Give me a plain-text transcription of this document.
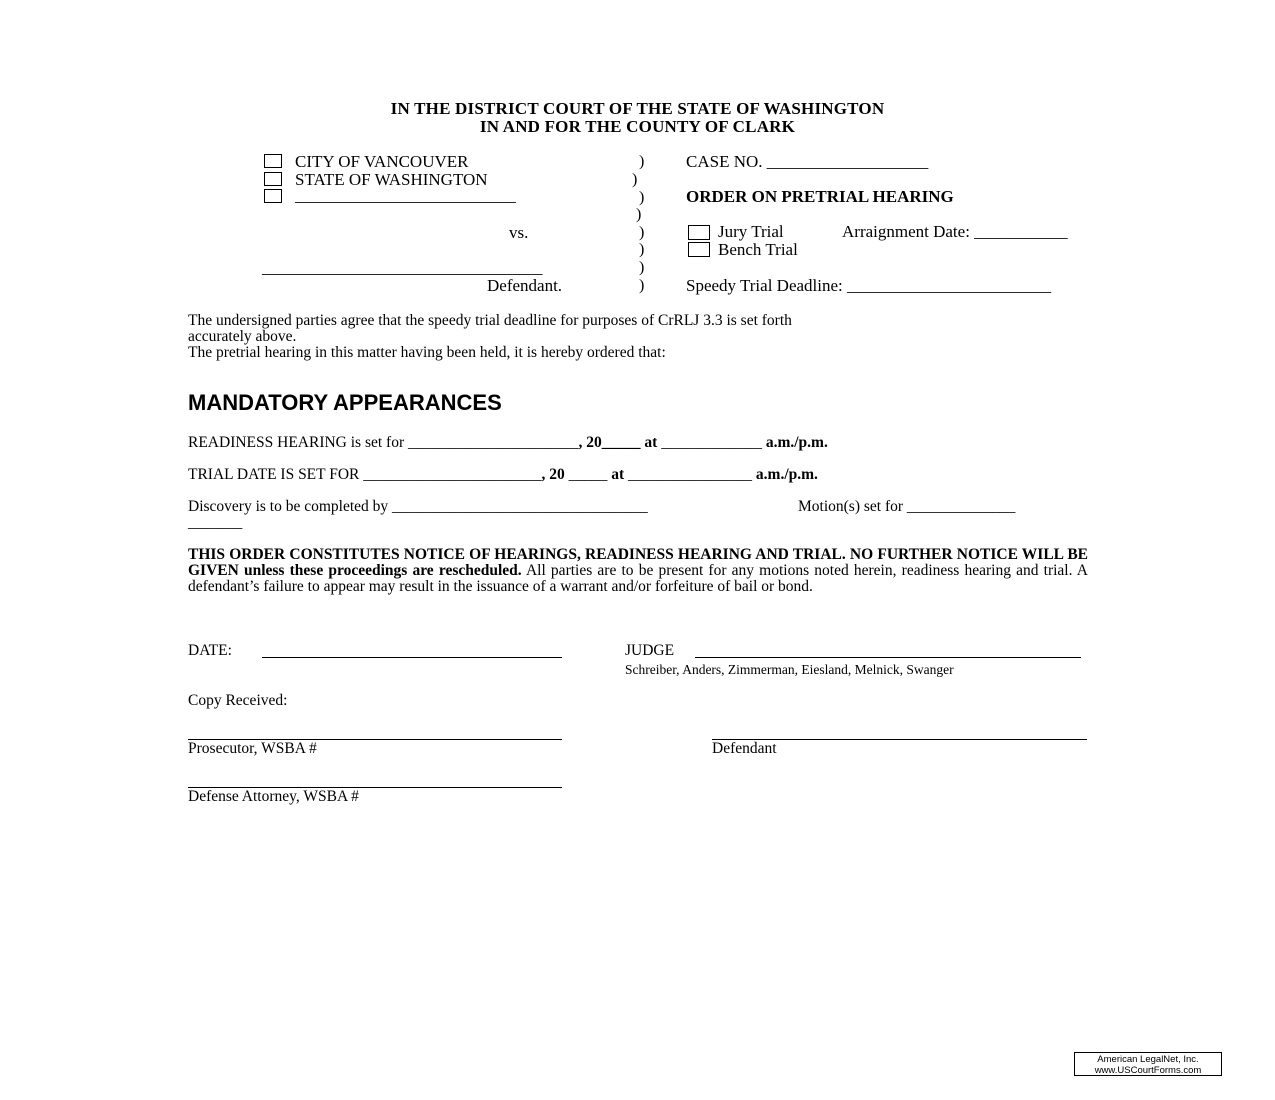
IN THE DISTRICT COURT OF THE STATE OF WASHINGTON
IN AND FOR THE COUNTY OF CLARK
CITY OF VANCOUVER
STATE OF WASHINGTON
__________________________
vs.
_________________________________
Defendant.
)
)
)
)
)
)
)
)
CASE NO. ___________________
ORDER ON PRETRIAL HEARING
Jury Trial	Arraignment Date: ___________
Bench Trial
Speedy Trial Deadline: ________________________
The undersigned parties agree that the speedy trial deadline for purposes of CrRLJ 3.3 is set forth
accurately above.
The pretrial hearing in this matter having been held, it is hereby ordered that:
MANDATORY APPEARANCES
READINESS HEARING is set for ______________________, 20_____ at _____________ a.m./p.m.
TRIAL DATE IS SET FOR _______________________, 20 _____ at ________________ a.m./p.m.
Discovery is to be completed by _________________________________	Motion(s) set for ______________
_______
THIS ORDER CONSTITUTES NOTICE OF HEARINGS, READINESS HEARING AND TRIAL. NO FURTHER NOTICE WILL BE GIVEN unless these proceedings are rescheduled. All parties are to be present for any motions noted herein, readiness hearing and trial. A defendant’s failure to appear may result in the issuance of a warrant and/or forfeiture of bail or bond.
DATE:	JUDGE
Schreiber, Anders, Zimmerman, Eiesland, Melnick, Swanger
Copy Received:
Prosecutor, WSBA #	Defendant
Defense Attorney, WSBA #
American LegalNet, Inc.
www.USCourtForms.com
